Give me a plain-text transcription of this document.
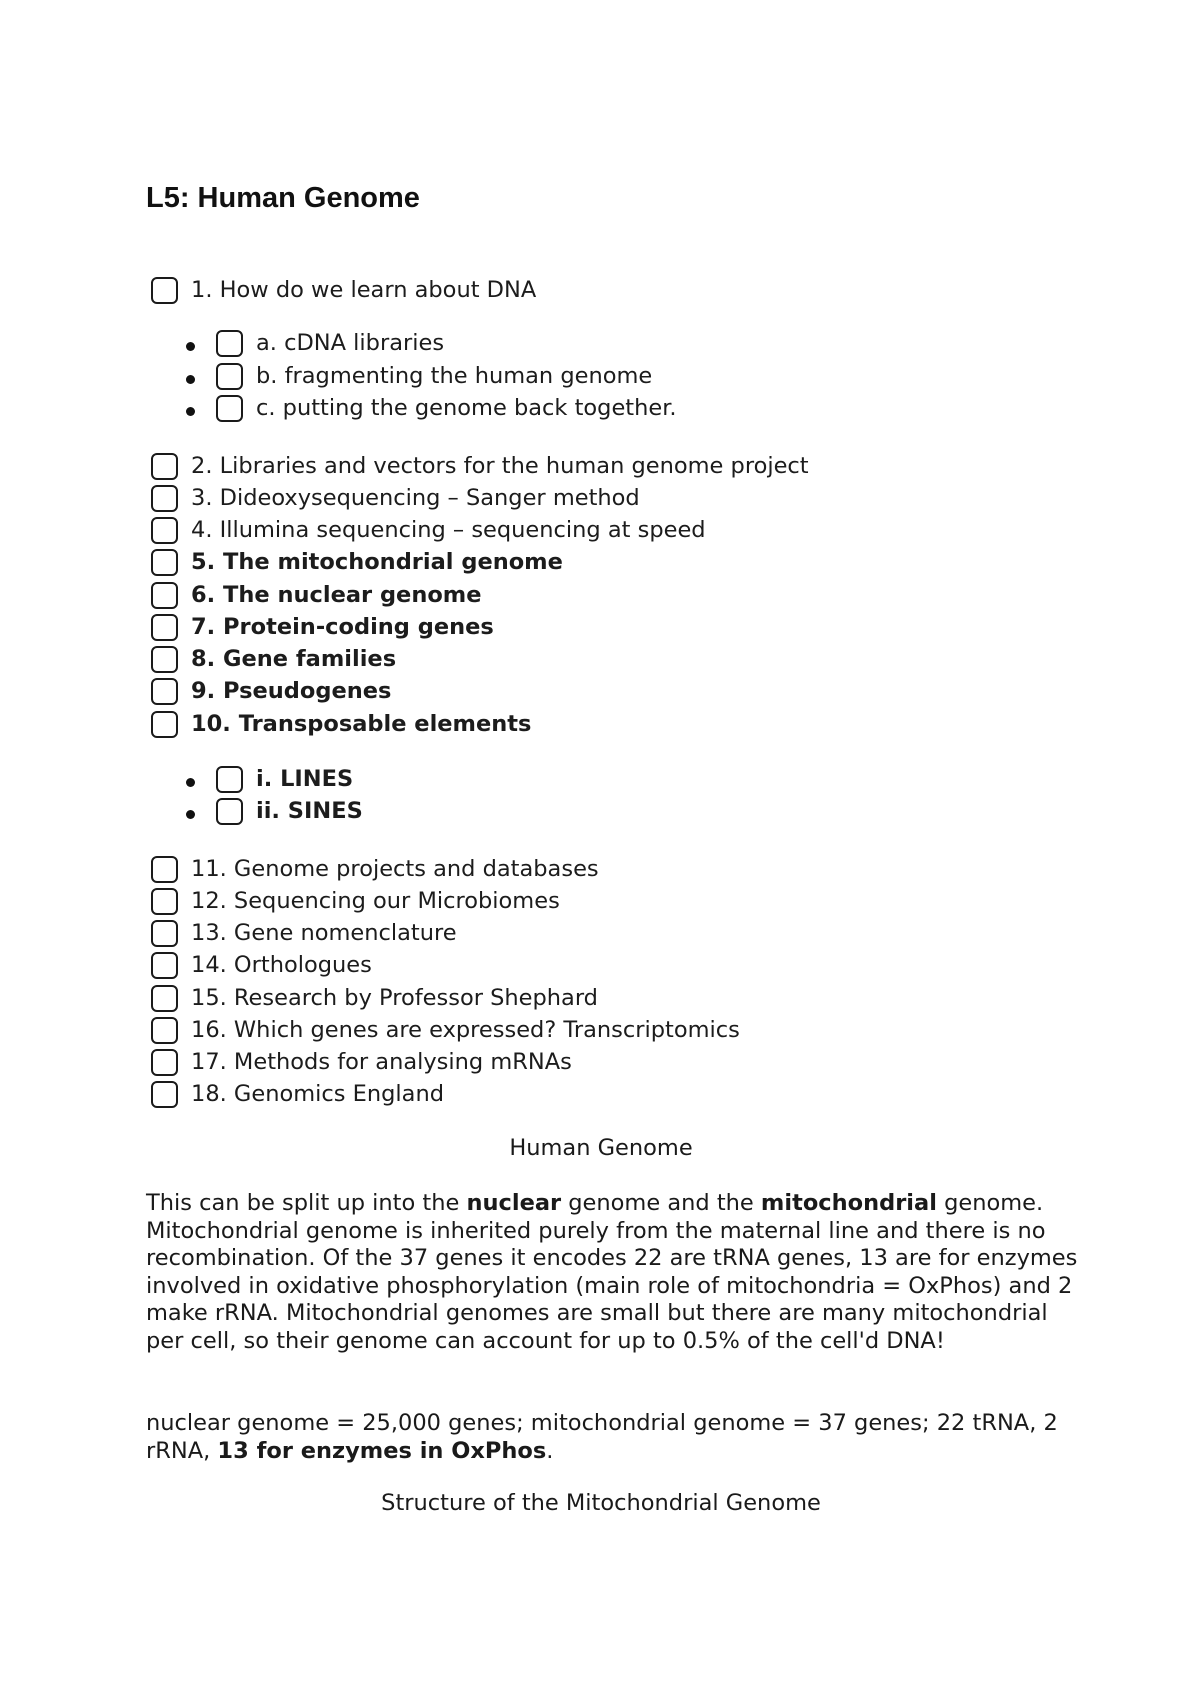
L5: Human Genome
1. How do we learn about DNA
a. cDNA libraries
b. fragmenting the human genome
c. putting the genome back together.
2. Libraries and vectors for the human genome project
3. Dideoxysequencing – Sanger method
4. Illumina sequencing – sequencing at speed
5. The mitochondrial genome
6. The nuclear genome
7. Protein-coding genes
8. Gene families
9. Pseudogenes
10. Transposable elements
i. LINES
ii. SINES
11. Genome projects and databases
12. Sequencing our Microbiomes
13. Gene nomenclature
14. Orthologues
15. Research by Professor Shephard
16. Which genes are expressed? Transcriptomics
17. Methods for analysing mRNAs
18. Genomics England
Human Genome

This can be split up into the nuclear genome and the mitochondrial genome. Mitochondrial genome is inherited purely from the maternal line and there is no recombination. Of the 37 genes it encodes 22 are tRNA genes, 13 are for enzymes involved in oxidative phosphorylation (main role of mitochondria = OxPhos) and 2 make rRNA. Mitochondrial genomes are small but there are many mitochondrial per cell, so their genome can account for up to 0.5% of the cell'd DNA!

nuclear genome = 25,000 genes; mitochondrial genome = 37 genes; 22 tRNA, 2 rRNA, 13 for enzymes in OxPhos.

Structure of the Mitochondrial Genome
